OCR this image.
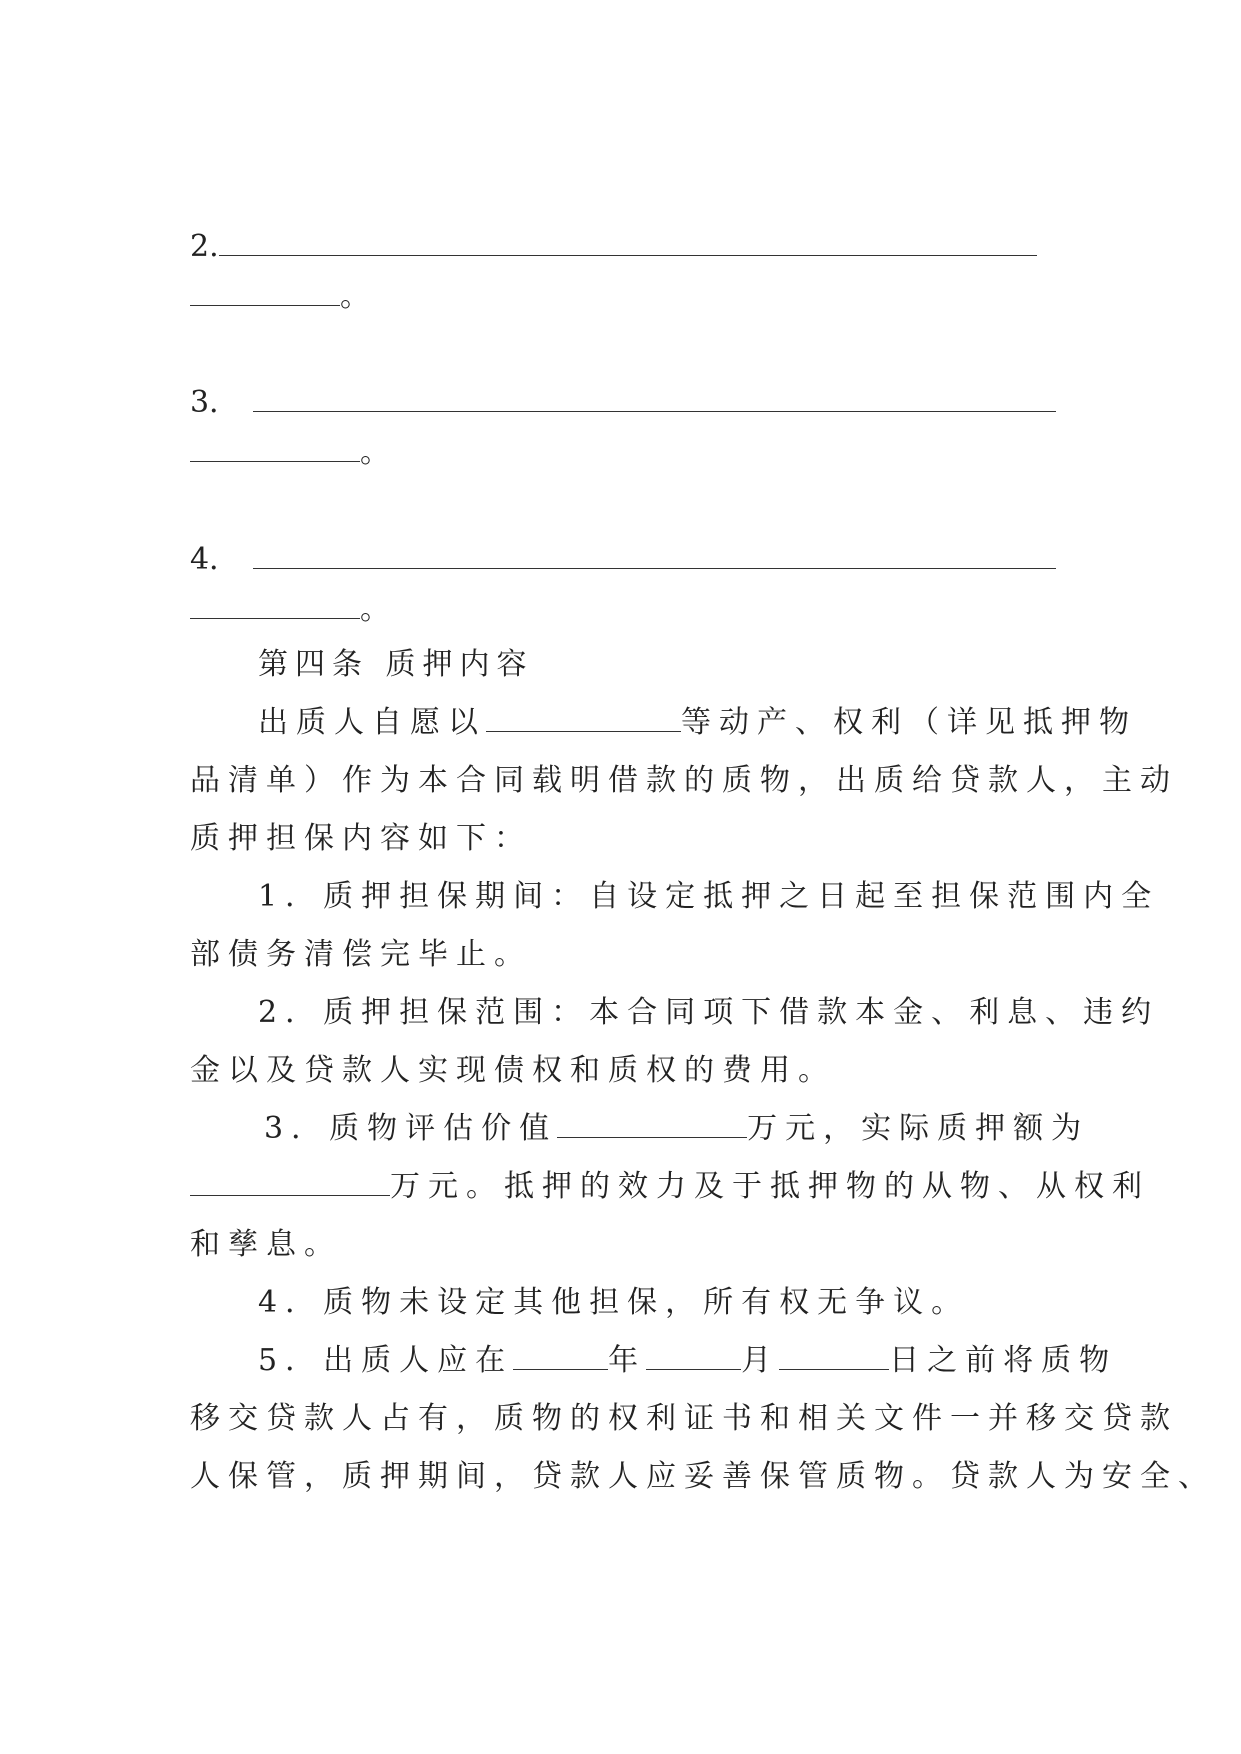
2.
。
3．
。
4．
。
第四条 质押内容
出质人自愿以	等动产、权利（详见抵押物
品清单）作为本合同载明借款的质物，出质给贷款人，主动
质押担保内容如下：
1．质押担保期间：自设定抵押之日起至担保范围内全
部债务清偿完毕止。
2．质押担保范围：本合同项下借款本金、利息、违约
金以及贷款人实现债权和质权的费用。
3．质物评估价值	万元，实际质押额为
万元。抵押的效力及于抵押物的从物、从权利
和孳息。
4．质物未设定其他担保，所有权无争议。
5．出质人应在	年	月	日之前将质物
移交贷款人占有，质物的权利证书和相关文件一并移交贷款
人保管，质押期间，贷款人应妥善保管质物。贷款人为安全、
